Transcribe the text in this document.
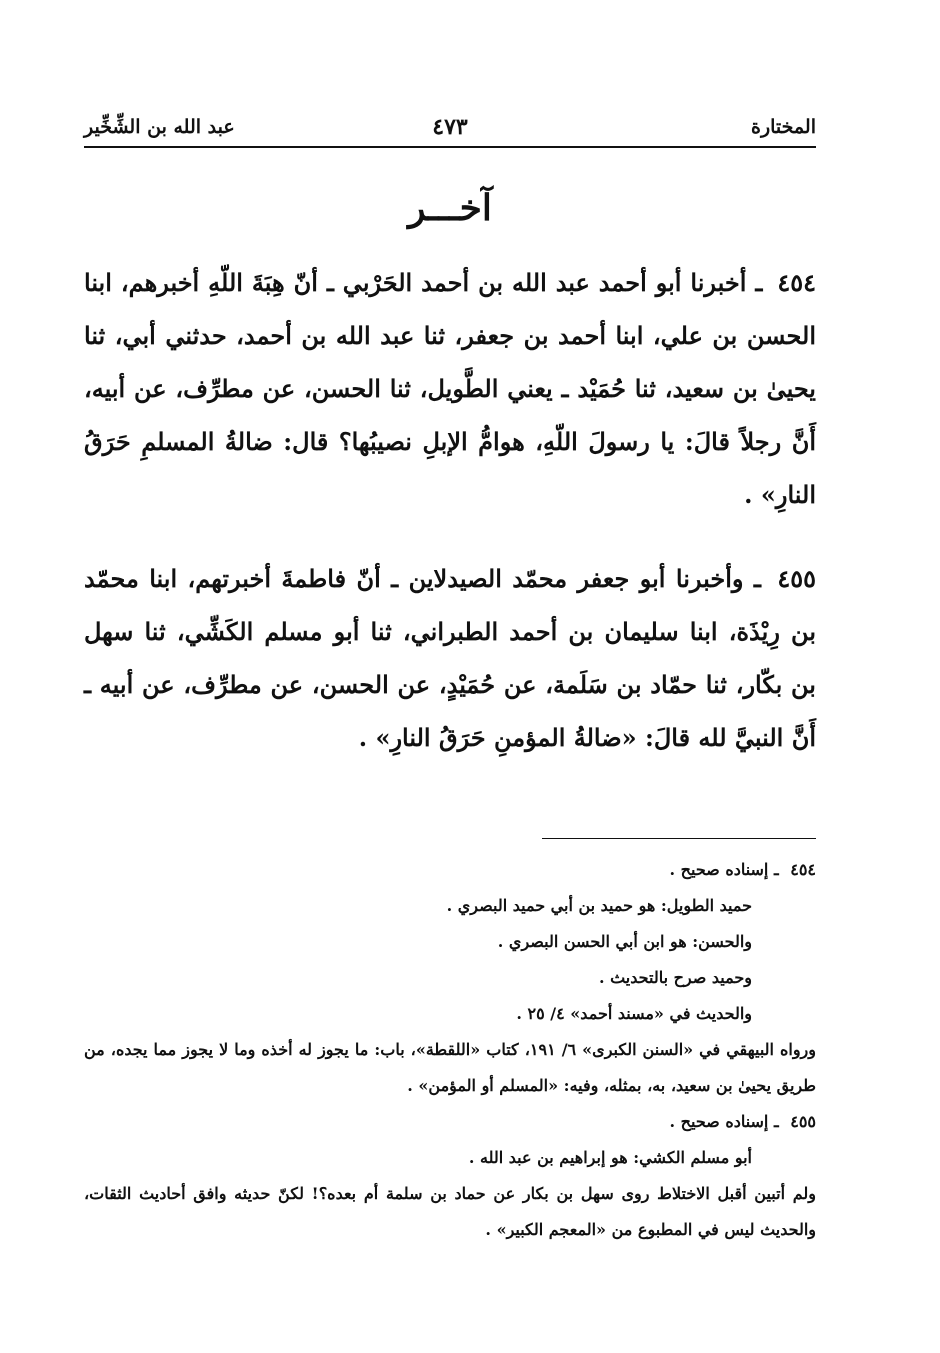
المختارة
٤٧٣
عبد الله بن الشِّخِّير
آخـــر
٤٥٤ ـ أخبرنا أبو أحمد عبد الله بن أحمد الحَرْبي ـ أنّ هِبَةَ اللّهِ أخبرهم، ابنا الحسن بن علي، ابنا أحمد بن جعفر، ثنا عبد الله بن أحمد، حدثني أبي، ثنا يحيىٰ بن سعيد، ثنا حُمَيْد ـ يعني الطَّويل، ثنا الحسن، عن مطرِّف، عن أبيه، أَنَّ رجلاً قالَ: يا رسولَ اللّهِ، هوامُّ الإبلِ نصيبُها؟ قال: ضالةُ المسلمِ حَرَقُ النارِ» .
٤٥٥ ـ وأخبرنا أبو جعفر محمّد الصيدلاين ـ أنّ فاطمةَ أخبرتهم، ابنا محمّد بن رِيْذَة، ابنا سليمان بن أحمد الطبراني، ثنا أبو مسلم الكَشِّي، ثنا سهل بن بكّار، ثنا حمّاد بن سَلَمة، عن حُمَيْدٍ، عن الحسن، عن مطرِّف، عن أبيه ـ أَنَّ النبيَّ لله قالَ: «ضالةُ المؤمنِ حَرَقُ النارِ» .
٤٥٤ ـ إسناده صحيح .
حميد الطويل: هو حميد بن أبي حميد البصري .
والحسن: هو ابن أبي الحسن البصري .
وحميد صرح بالتحديث .
والحديث في «مسند أحمد» ٤/ ٢٥ .
ورواه البيهقي في «السنن الكبرى» ٦/ ١٩١، كتاب «اللقطة»، باب: ما يجوز له أخذه وما لا يجوز مما يجده، من طريق يحيىٰ بن سعيد، به، بمثله، وفيه: «المسلم أو المؤمن» .
٤٥٥ ـ إسناده صحيح .
أبو مسلم الكشي: هو إبراهيم بن عبد الله .
ولم أتبين أقبل الاختلاط روى سهل بن بكار عن حماد بن سلمة أم بعده؟! لكنّ حديثه وافق أحاديث الثقات، والحديث ليس في المطبوع من «المعجم الكبير» .
